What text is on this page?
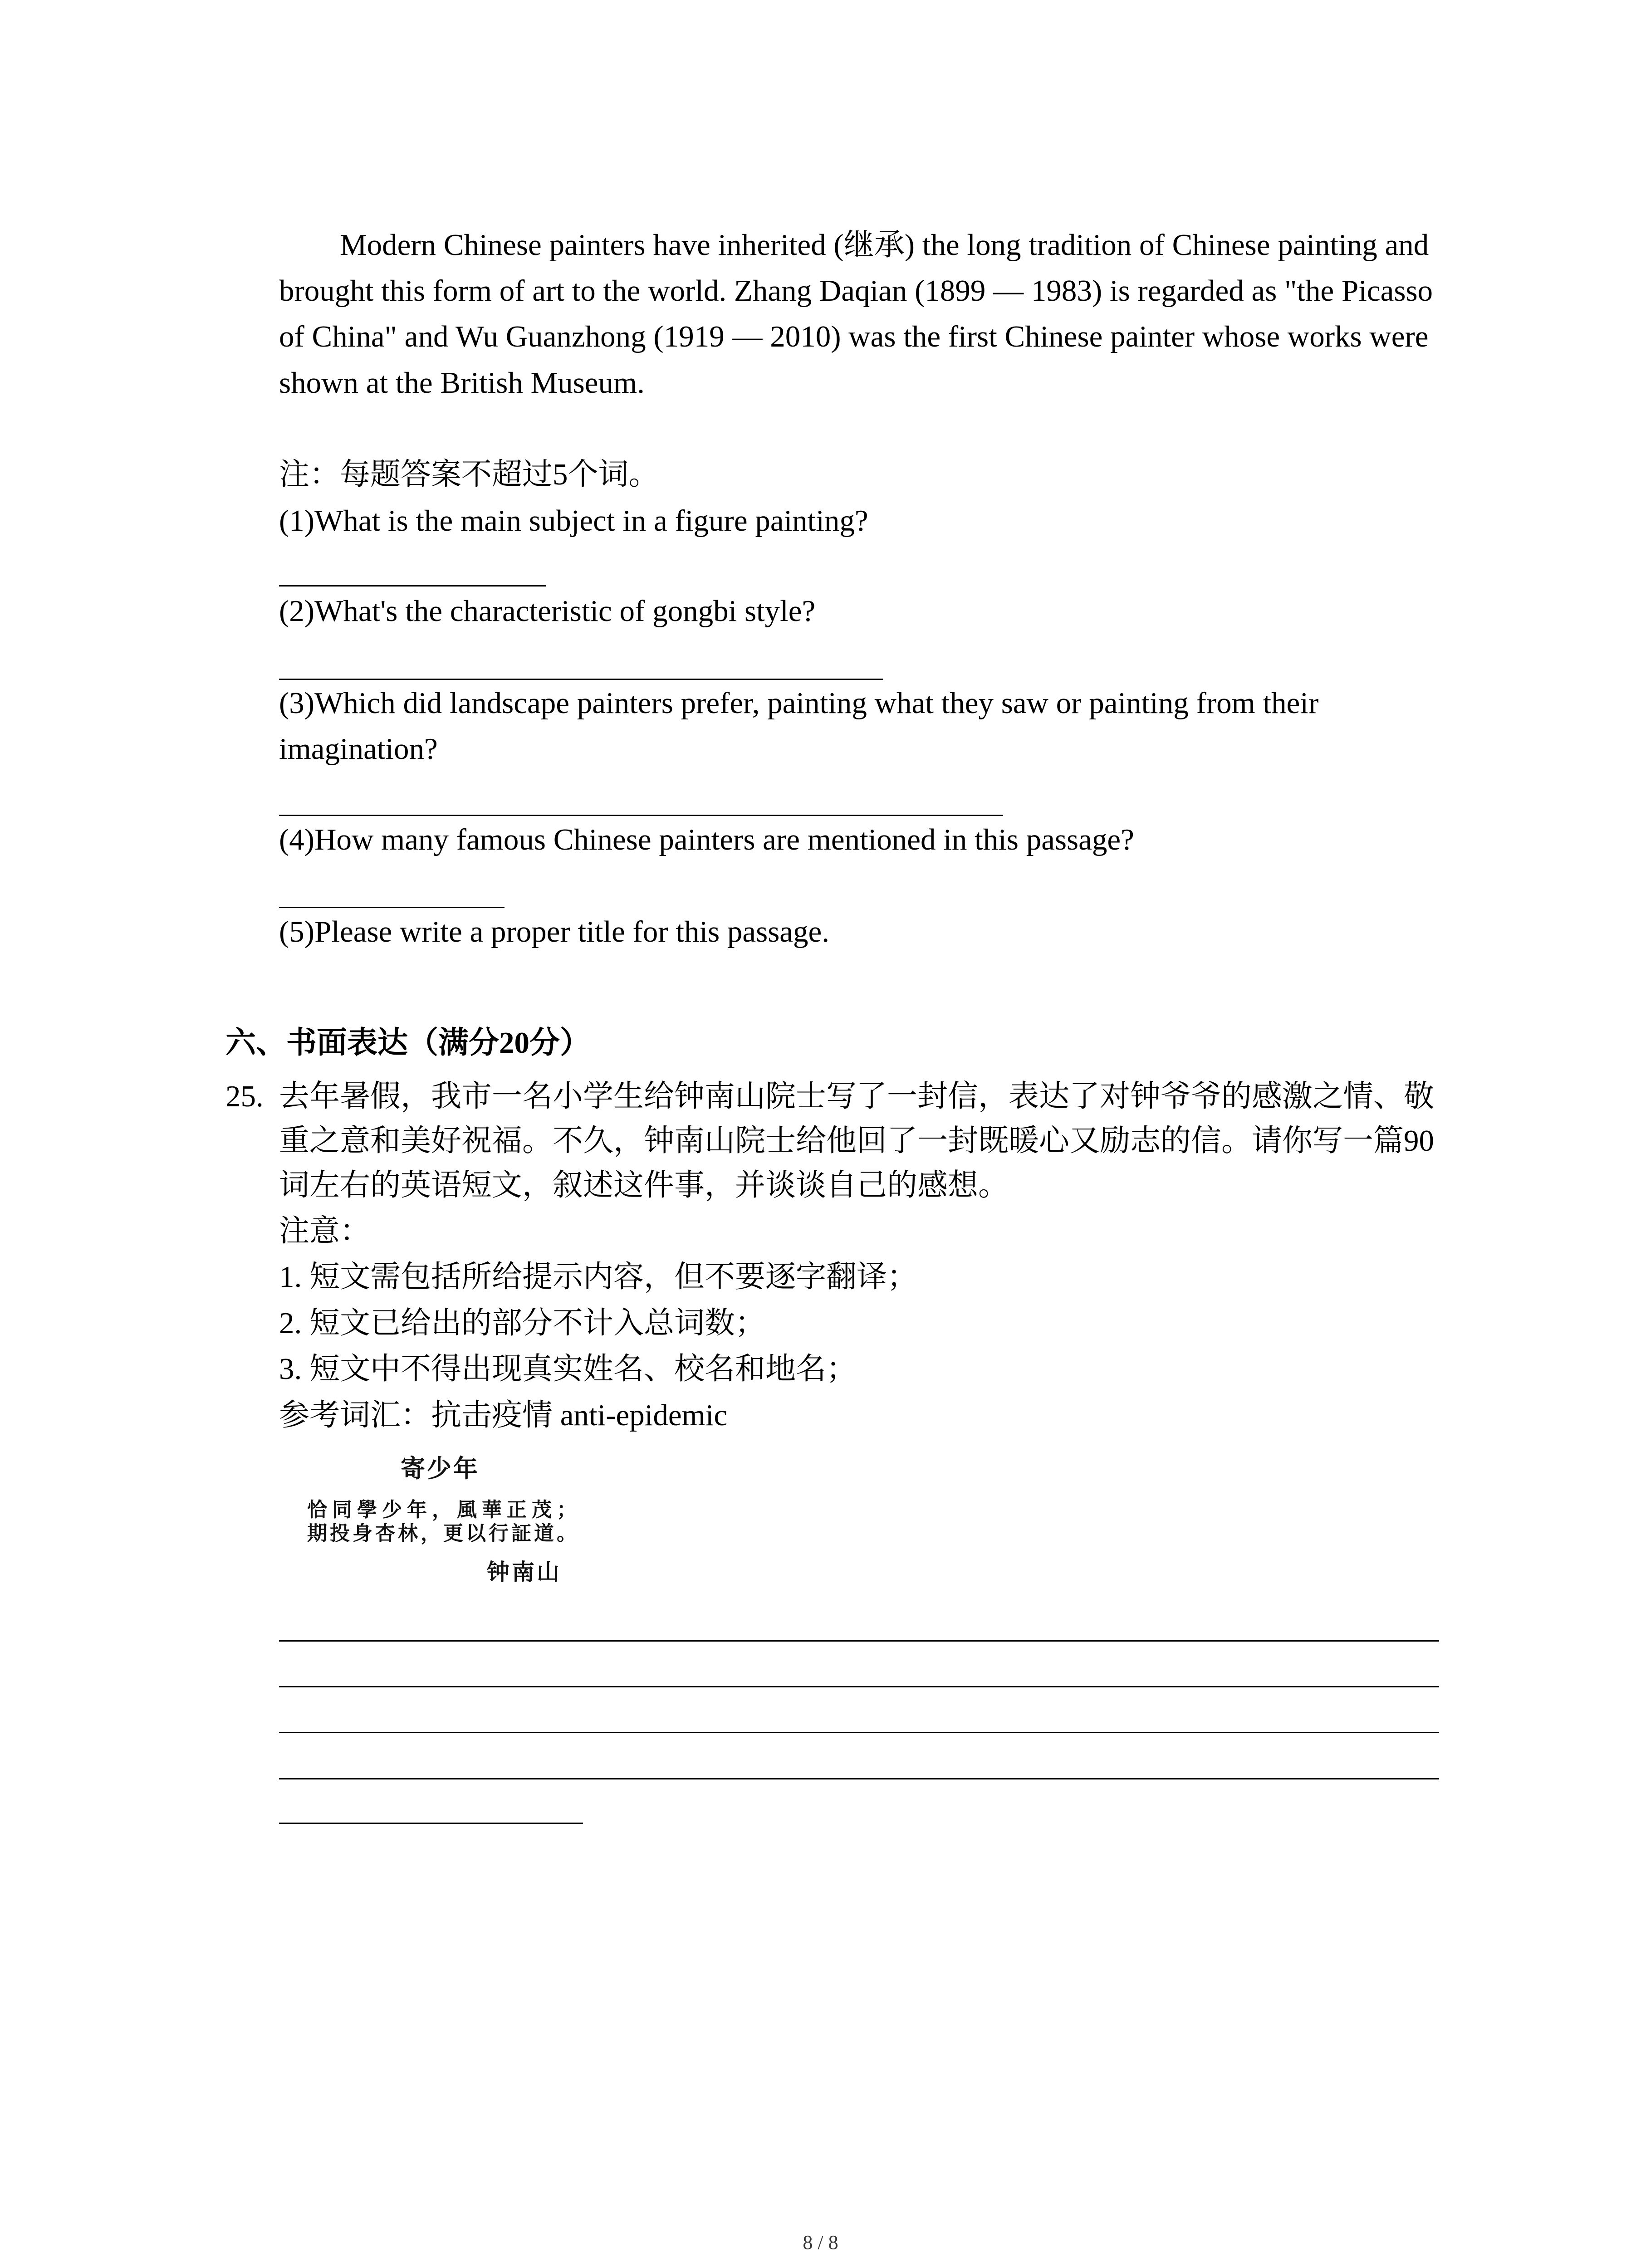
Modern Chinese painters have inherited (继承) the long tradition of Chinese painting and
brought this form of art to the world. Zhang Daqian (1899 — 1983) is regarded as "the Picasso
of China" and Wu Guanzhong (1919 — 2010) was the first Chinese painter whose works were
shown at the British Museum.
注：每题答案不超过5个词。
(1)What is the main subject in a figure painting?
(2)What's the characteristic of gongbi style?
(3)Which did landscape painters prefer, painting what they saw or painting from their
imagination?
(4)How many famous Chinese painters are mentioned in this passage?
(5)Please write a proper title for this passage.
六、书面表达（满分20分）
25. 去年暑假，我市一名小学生给钟南山院士写了一封信，表达了对钟爷爷的感激之情、敬
重之意和美好祝福。不久，钟南山院士给他回了一封既暖心又励志的信。请你写一篇90
词左右的英语短文，叙述这件事，并谈谈自己的感想。
注意：
1. 短文需包括所给提示内容，但不要逐字翻译；
2. 短文已给出的部分不计入总词数；
3. 短文中不得出现真实姓名、校名和地名；
参考词汇：抗击疫情 anti-epidemic
寄少年
恰同學少年，風華正茂；
期投身杏林，更以行証道。
钟南山
8 / 8
